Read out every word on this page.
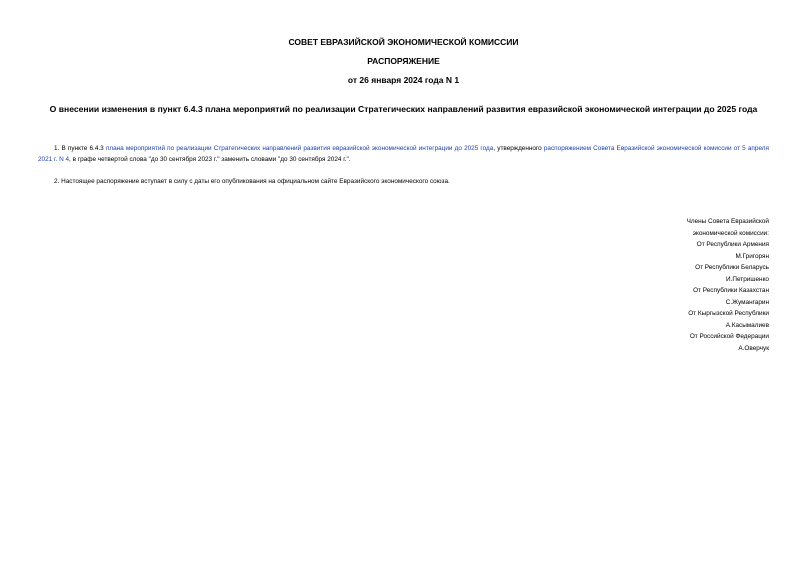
СОВЕТ ЕВРАЗИЙСКОЙ ЭКОНОМИЧЕСКОЙ КОМИССИИ
РАСПОРЯЖЕНИЕ
от 26 января 2024 года N 1
О внесении изменения в пункт 6.4.3 плана мероприятий по реализации Стратегических направлений развития евразийской экономической интеграции до 2025 года
1. В пункте 6.4.3 плана мероприятий по реализации Стратегических направлений развития евразийской экономической интеграции до 2025 года, утвержденного распоряжением Совета Евразийской экономической комиссии от 5 апреля 2021 г. N 4, в графе четвертой слова "до 30 сентября 2023 г." заменить словами "до 30 сентября 2024 г.".
2. Настоящее распоряжение вступает в силу с даты его опубликования на официальном сайте Евразийского экономического союза.
Члены Совета Евразийской
экономической комиссии:
От Республики Армения
М.Григорян
От Республики Беларусь
И.Петришенко
От Республики Казахстан
С.Жумангарин
От Кыргызской Республики
А.Касымалиев
От Российской Федерации
А.Оверчук
